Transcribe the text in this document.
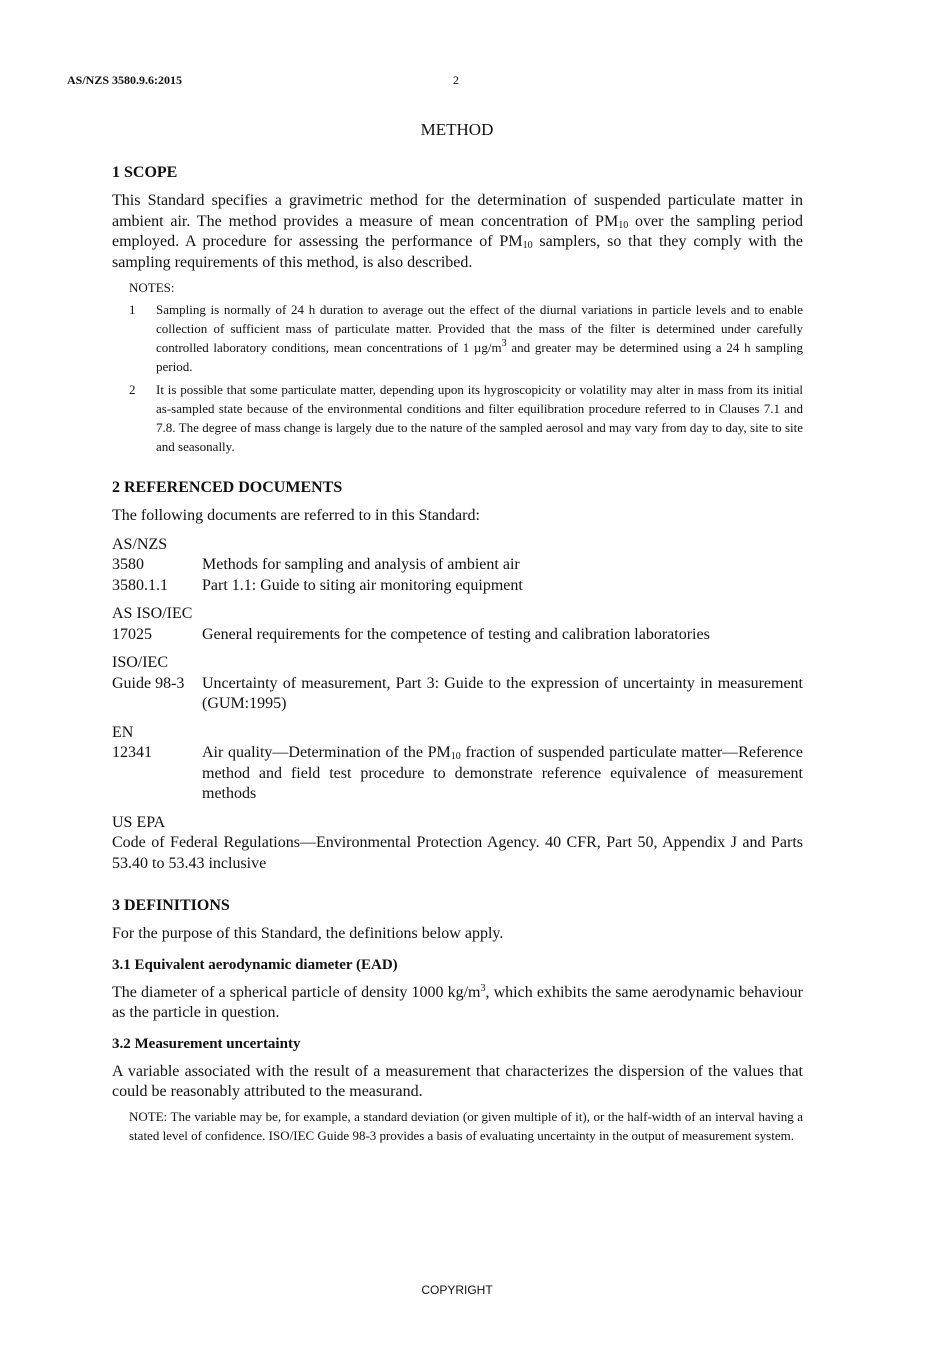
AS/NZS 3580.9.6:2015	2
METHOD
1 SCOPE

This Standard specifies a gravimetric method for the determination of suspended particulate matter in ambient air. The method provides a measure of mean concentration of $PM_{10}$ over the sampling period employed. A procedure for assessing the performance of $PM_{10}$ samplers, so that they comply with the sampling requirements of this method, is also described.

NOTES:
1	Sampling is normally of 24 h duration to average out the effect of the diurnal variations in particle levels and to enable collection of sufficient mass of particulate matter. Provided that the mass of the filter is determined under carefully controlled laboratory conditions, mean concentrations of 1 $\mu g/m^3$ and greater may be determined using a 24 h sampling period.
2	It is possible that some particulate matter, depending upon its hygroscopicity or volatility may alter in mass from its initial as-sampled state because of the environmental conditions and filter equilibration procedure referred to in Clauses 7.1 and 7.8. The degree of mass change is largely due to the nature of the sampled aerosol and may vary from day to day, site to site and seasonally.
2 REFERENCED DOCUMENTS

The following documents are referred to in this Standard:

AS/NZS
3580	Methods for sampling and analysis of ambient air
3580.1.1	Part 1.1: Guide to siting air monitoring equipment
AS ISO/IEC
17025	General requirements for the competence of testing and calibration laboratories
ISO/IEC
Guide 98-3	Uncertainty of measurement, Part 3: Guide to the expression of uncertainty in measurement (GUM:1995)
EN
12341	Air quality—Determination of the $PM_{10}$ fraction of suspended particulate matter—Reference method and field test procedure to demonstrate reference equivalence of measurement methods
US EPA
Code of Federal Regulations—Environmental Protection Agency. 40 CFR, Part 50, Appendix J and Parts 53.40 to 53.43 inclusive
3 DEFINITIONS

For the purpose of this Standard, the definitions below apply.

3.1 Equivalent aerodynamic diameter (EAD)

The diameter of a spherical particle of density 1000 $kg/m^3$, which exhibits the same aerodynamic behaviour as the particle in question.

3.2 Measurement uncertainty

A variable associated with the result of a measurement that characterizes the dispersion of the values that could be reasonably attributed to the measurand.

NOTE: The variable may be, for example, a standard deviation (or given multiple of it), or the half-width of an interval having a stated level of confidence. ISO/IEC Guide 98-3 provides a basis of evaluating uncertainty in the output of measurement system.
COPYRIGHT
